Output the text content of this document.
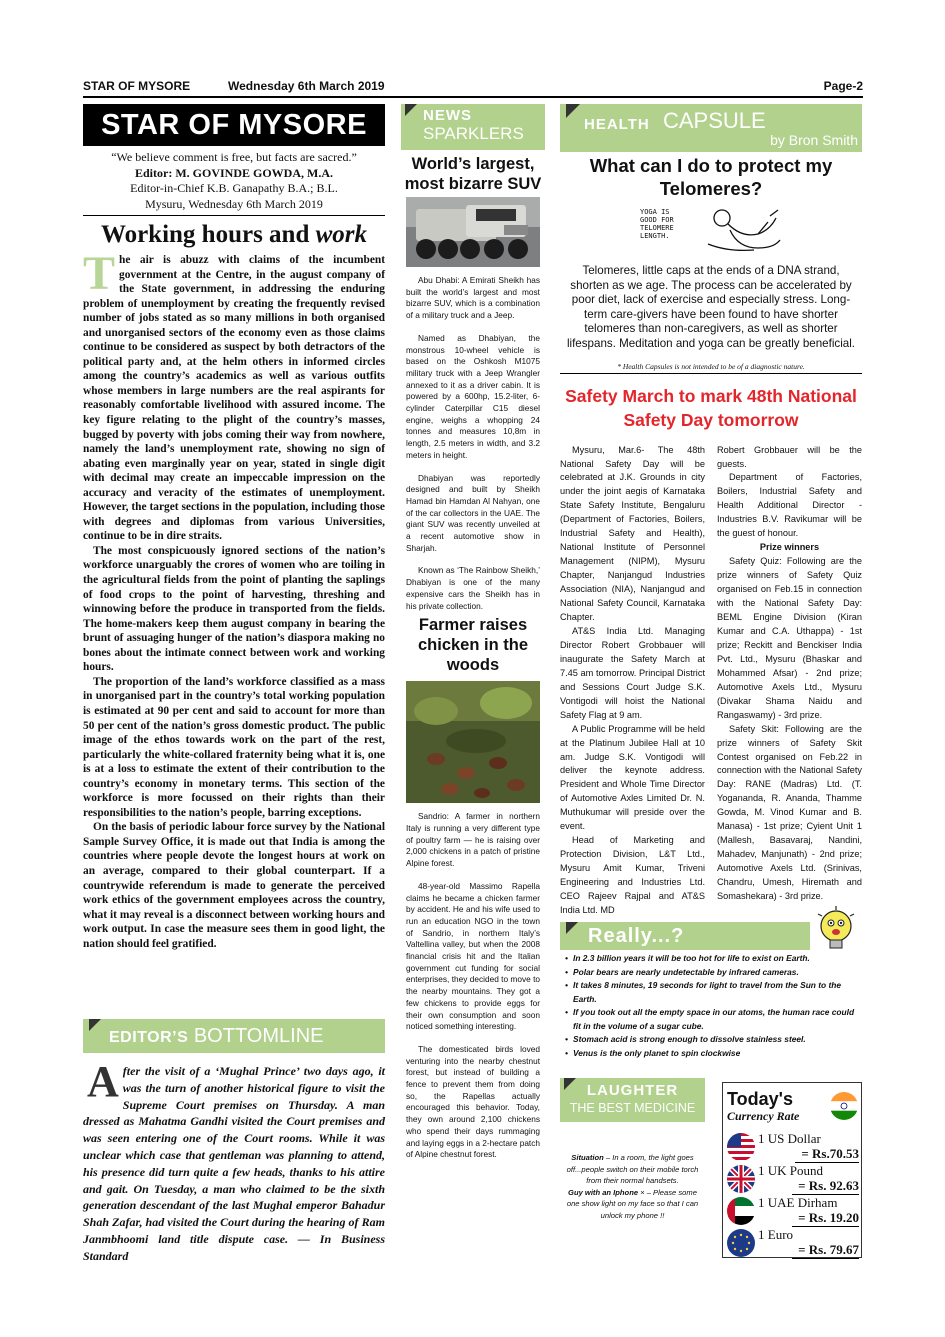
STAR OF MYSORE	Wednesday 6th March 2019	Page-2
STAR OF MYSORE
“We believe comment is free, but facts are sacred.”
Editor: M. GOVINDE GOWDA, M.A.
Editor-in-Chief K.B. Ganapathy B.A.; B.L.
Mysuru, Wednesday 6th March 2019
Working hours and work

The air is abuzz with claims of the incumbent government at the Centre, in the august company of the State government, in addressing the enduring problem of unemployment by creating the frequently revised number of jobs stated as so many millions in both organised and unorganised sectors of the economy even as those claims continue to be considered as suspect by both detractors of the political party and, at the helm others in informed circles among the country’s academics as well as various outfits whose members in large numbers are the real aspirants for reasonably comfortable livelihood with assured income. The key figure relating to the plight of the country’s masses, bugged by poverty with jobs coming their way from nowhere, namely the land’s unemployment rate, showing no sign of abating even marginally year on year, stated in single digit with decimal may create an impeccable impression on the accuracy and veracity of the estimates of unemployment. However, the target sections in the population, including those with degrees and diplomas from various Universities, continue to be in dire straits.

The most conspicuously ignored sections of the nation’s workforce unarguably the crores of women who are toiling in the agricultural fields from the point of planting the saplings of food crops to the point of harvesting, threshing and winnowing before the produce in transported from the fields. The home-makers keep them august company in bearing the brunt of assuaging hunger of the nation’s diaspora making no bones about the intimate connect between work and working hours.

The proportion of the land’s workforce classified as a mass in unorganised part in the country’s total working population is estimated at 90 per cent and said to account for more than 50 per cent of the nation’s gross domestic product. The public image of the ethos towards work on the part of the rest, particularly the white-collared fraternity being what it is, one is at a loss to estimate the extent of their contribution to the country’s economy in monetary terms. This section of the workforce is more focussed on their rights than their responsibilities to the nation’s people, barring exceptions.

On the basis of periodic labour force survey by the National Sample Survey Office, it is made out that India is among the countries where people devote the longest hours at work on an average, compared to their global counterpart. If a countrywide referendum is made to generate the perceived work ethics of the government employees across the country, what it may reveal is a disconnect between working hours and work output. In case the measure sees them in good light, the nation should feel gratified.

EDITOR’S BOTTOMLINE
After the visit of a ‘Mughal Prince’ two days ago, it was the turn of another historical figure to visit the Supreme Court premises on Thursday. A man dressed as Mahatma Gandhi visited the Court premises and was seen entering one of the Court rooms. While it was unclear which case that gentleman was planning to attend, his presence did turn quite a few heads, thanks to his attire and gait. On Tuesday, a man who claimed to be the sixth generation descendant of the last Mughal emperor Bahadur Shah Zafar, had visited the Court during the hearing of Ram Janmbhoomi land title dispute case. — In Business Standard
NEWS
SPARKLERS
World’s largest, most bizarre SUV

Abu Dhabi: A Emirati Sheikh has built the world’s largest and most bizarre SUV, which is a combination of a military truck and a Jeep.

Named as Dhabiyan, the monstrous 10-wheel vehicle is based on the Oshkosh M1075 military truck with a Jeep Wrangler annexed to it as a driver cabin. It is powered by a 600hp, 15.2-liter, 6-cylinder Caterpillar C15 diesel engine, weighs a whopping 24 tonnes and measures 10,8m in length, 2.5 meters in width, and 3.2 meters in height.

Dhabiyan was reportedly designed and built by Sheikh Hamad bin Hamdan Al Nahyan, one of the car collectors in the UAE. The giant SUV was recently unveiled at a recent automotive show in Sharjah.

Known as ‘The Rainbow Sheikh,’ Dhabiyan is one of the many expensive cars the Sheikh has in his private collection.

Farmer raises chicken in the woods

Sandrio: A farmer in northern Italy is running a very different type of poultry farm — he is raising over 2,000 chickens in a patch of pristine Alpine forest.

48-year-old Massimo Rapella claims he became a chicken farmer by accident. He and his wife used to run an education NGO in the town of Sandrio, in northern Italy’s Valtellina valley, but when the 2008 financial crisis hit and the Italian government cut funding for social enterprises, they decided to move to the nearby mountains. They got a few chickens to provide eggs for their own consumption and soon noticed something interesting.

The domesticated birds loved venturing into the nearby chestnut forest, but instead of building a fence to prevent them from doing so, the Rapellas actually encouraged this behavior. Today, they own around 2,100 chickens who spend their days rummaging and laying eggs in a 2-hectare patch of Alpine chestnut forest.

HEALTH CAPSULE
by Bron Smith
What can I do to protect my Telomeres?
YOGA IS GOOD FOR TELOMERE LENGTH.
Telomeres, little caps at the ends of a DNA strand, shorten as we age. The process can be accelerated by poor diet, lack of exercise and especially stress. Long-term care-givers have been found to have shorter telomeres than non-caregivers, as well as shorter lifespans. Meditation and yoga can be greatly beneficial.
* Health Capsules is not intended to be of a diagnostic nature.
Safety March to mark 48th National Safety Day tomorrow

Mysuru, Mar.6- The 48th National Safety Day will be celebrated at J.K. Grounds in city under the joint aegis of Karnataka State Safety Institute, Bengaluru (Department of Factories, Boilers, Industrial Safety and Health), National Institute of Personnel Management (NIPM), Mysuru Chapter, Nanjangud Industries Association (NIA), Nanjangud and National Safety Council, Karnataka Chapter.

AT&S India Ltd. Managing Director Robert Grobbauer will inaugurate the Safety March at 7.45 am tomorrow. Principal District and Sessions Court Judge S.K. Vontigodi will hoist the National Safety Flag at 9 am.

A Public Programme will be held at the Platinum Jubilee Hall at 10 am. Judge S.K. Vontigodi will deliver the keynote address. President and Whole Time Director of Automotive Axles Limited Dr. N. Muthukumar will preside over the event.

Head of Marketing and Protection Division, L&T Ltd., Mysuru Amit Kumar, Triveni Engineering and Industries Ltd. CEO Rajeev Rajpal and AT&S India Ltd. MD

Robert Grobbauer will be the guests.

Department of Factories, Boilers, Industrial Safety and Health Additional Director - Industries B.V. Ravikumar will be the guest of honour.

Prize winners

Safety Quiz: Following are the prize winners of Safety Quiz organised on Feb.15 in connection with the National Safety Day: BEML Engine Division (Kiran Kumar and C.A. Uthappa) - 1st prize; Reckitt and Benckiser India Pvt. Ltd., Mysuru (Bhaskar and Mohammed Afsar) - 2nd prize; Automotive Axels Ltd., Mysuru (Divakar Shama Naidu and Rangaswamy) - 3rd prize.

Safety Skit: Following are the prize winners of Safety Skit Contest organised on Feb.22 in connection with the National Safety Day: RANE (Madras) Ltd. (T. Yogananda, R. Ananda, Thamme Gowda, M. Vinod Kumar and B. Manasa) - 1st prize; Cyient Unit 1 (Mallesh, Basavaraj, Nandini, Mahadev, Manjunath) - 2nd prize; Automotive Axels Ltd. (Srinivas, Chandru, Umesh, Hiremath and Somashekara) - 3rd prize.

Really...?
• In 2.3 billion years it will be too hot for life to exist on Earth.
• Polar bears are nearly undetectable by infrared cameras.
• It takes 8 minutes, 19 seconds for light to travel from the Sun to the Earth.
• If you took out all the empty space in our atoms, the human race could fit in the volume of a sugar cube.
• Stomach acid is strong enough to dissolve stainless steel.
• Venus is the only planet to spin clockwise
LAUGHTER
THE BEST MEDICINE
Situation – In a room, the light goes off...people switch on their mobile torch from their normal handsets.
Guy with an Iphone × – Please some one show light on my face so that I can unlock my phone !!
Today's
Currency Rate
1 US Dollar
= Rs.70.53
1 UK Pound
= Rs. 92.63
1 UAE Dirham
= Rs. 19.20
1 Euro
= Rs. 79.67
